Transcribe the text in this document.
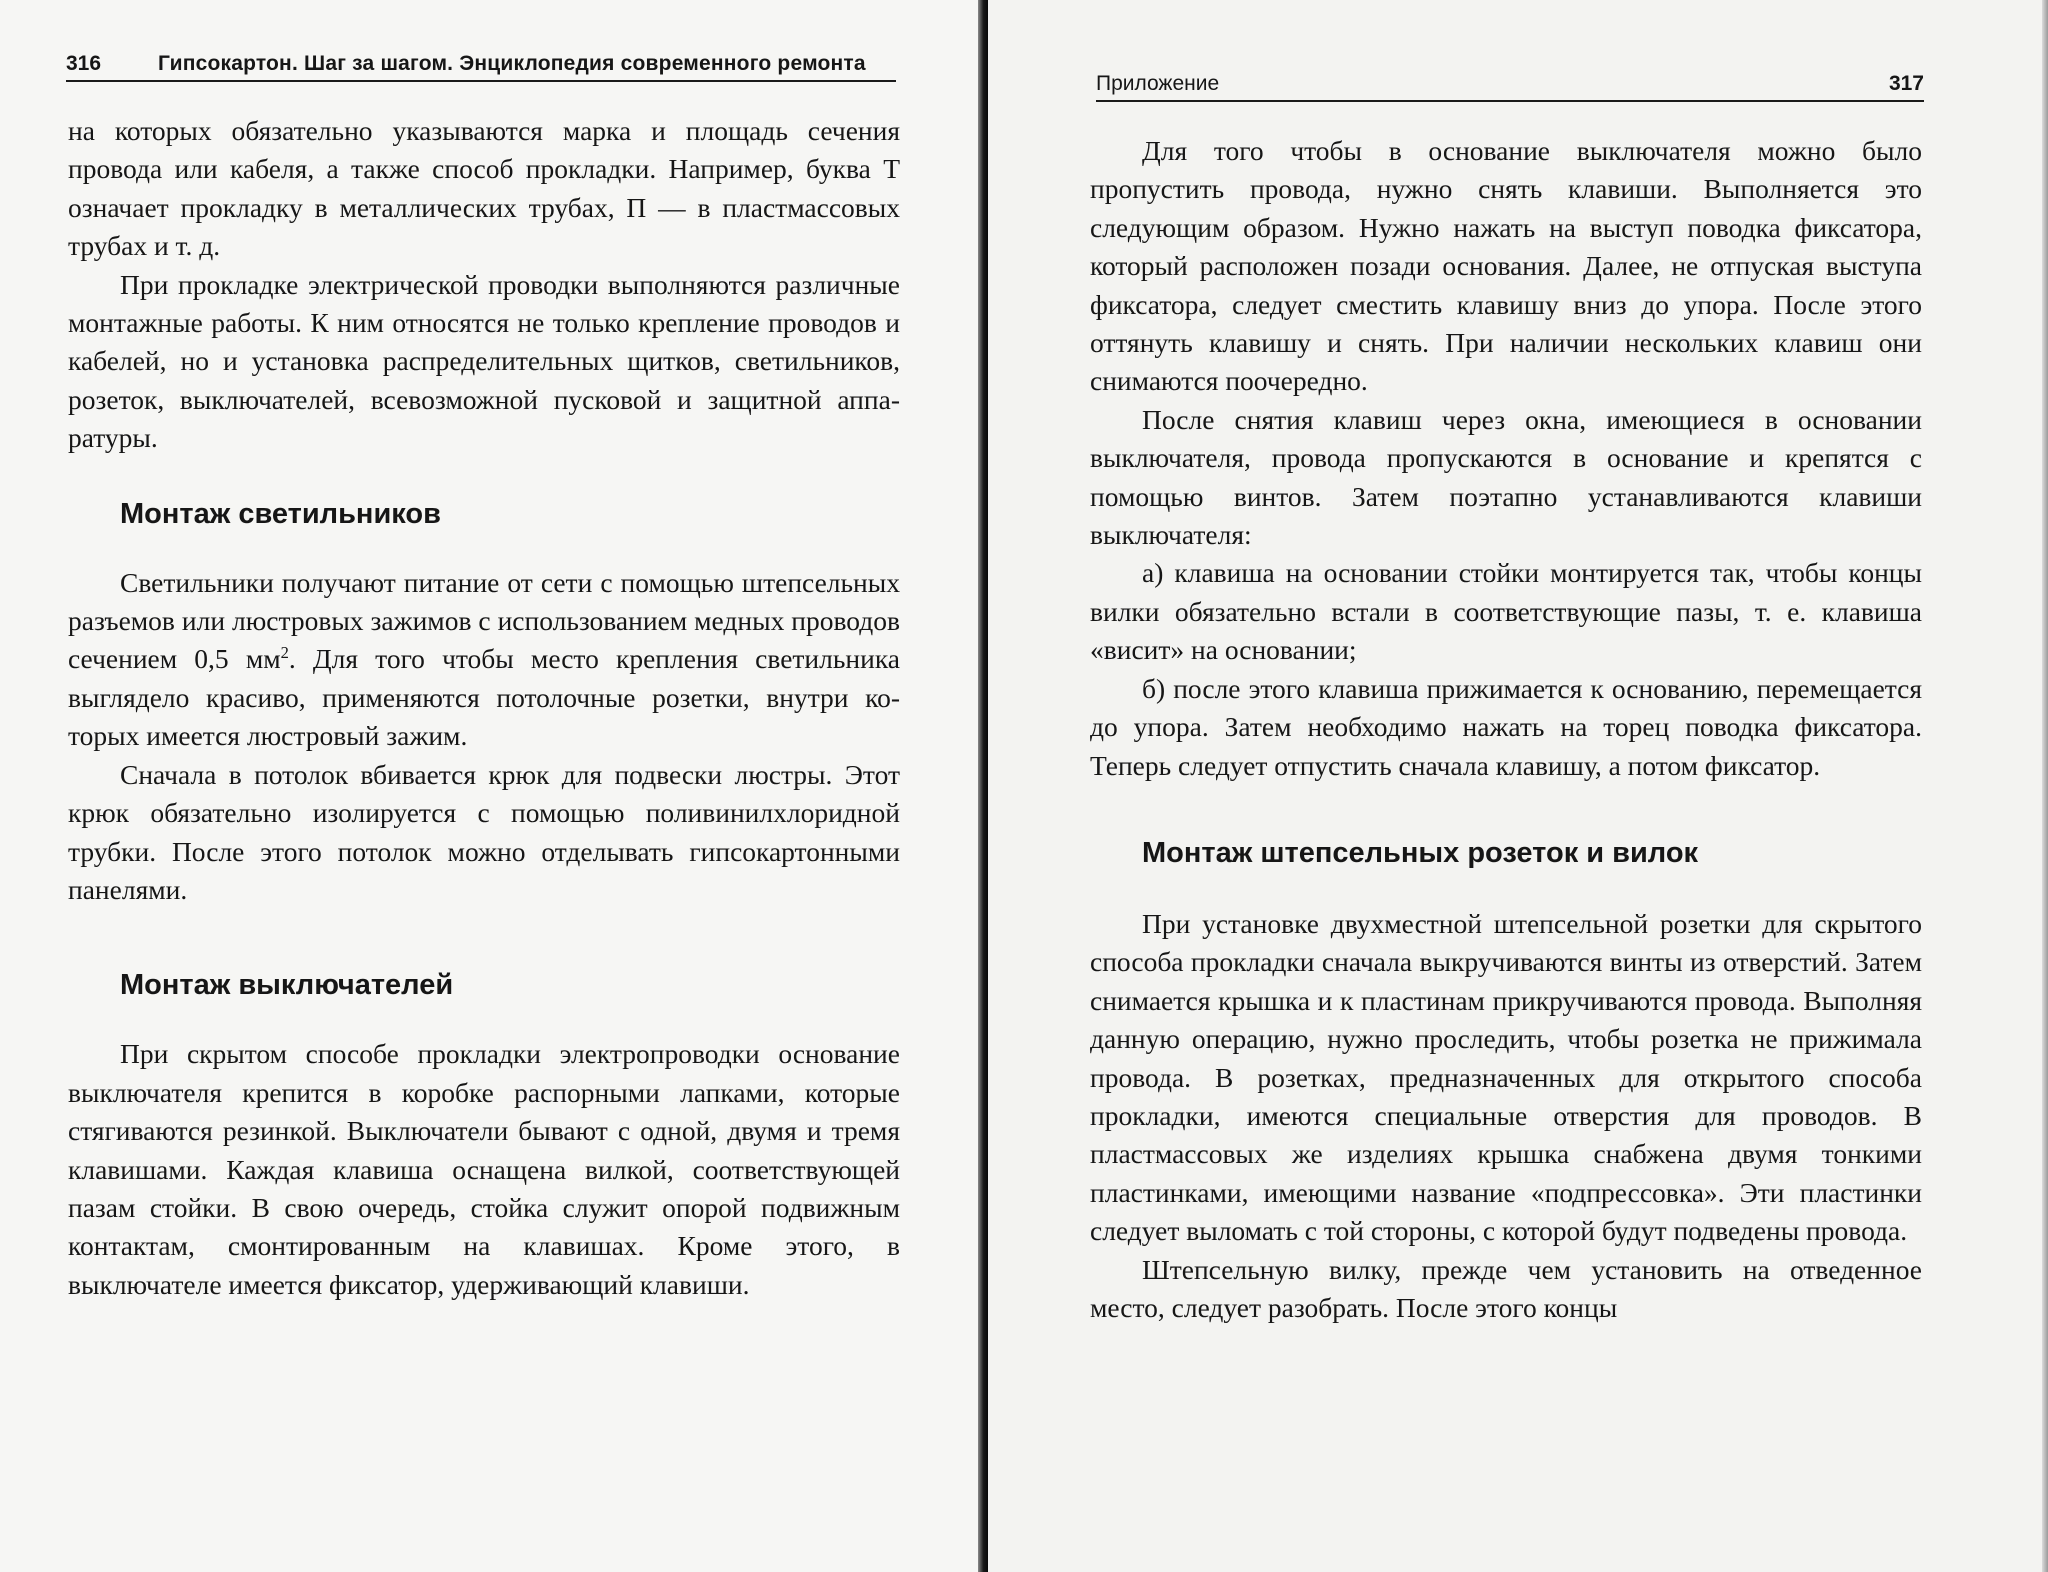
316	Гипсокартон. Шаг за шагом. Энциклопедия современного ремонта

на которых обязательно указываются марка и площадь сечения провода или кабеля, а также способ прокладки. Например, буква Т означает прокладку в металлических трубах, П — в пластмассовых трубах и т. д.

При прокладке электрической проводки выполняются различные монтажные работы. К ним относятся не только крепление проводов и кабелей, но и установка распределительных щитков, светильников, розеток, выключателей, всевозможной пусковой и защитной аппаратуры.

Монтаж светильников

Светильники получают питание от сети с помощью штепсельных разъемов или люстровых зажимов с использованием медных проводов сечением 0,5 $мм^2$. Для того чтобы место крепления светильника выглядело красиво, применяются потолочные розетки, внутри которых имеется люстровый зажим.

Сначала в потолок вбивается крюк для подвески люстры. Этот крюк обязательно изолируется с помощью поливинилхлоридной трубки. После этого потолок можно отделывать гипсокартонными панелями.

Монтаж выключателей

При скрытом способе прокладки электропроводки основание выключателя крепится в коробке распорными лапками, которые стягиваются резинкой. Выключатели бывают с одной, двумя и тремя клавишами. Каждая клавиша оснащена вилкой, соответствующей пазам стойки. В свою очередь, стойка служит опорой подвижным контактам, смонтированным на клавишах. Кроме этого, в выключателе имеется фиксатор, удерживающий клавиши.

Приложение	317

Для того чтобы в основание выключателя можно было пропустить провода, нужно снять клавиши. Выполняется это следующим образом. Нужно нажать на выступ поводка фиксатора, который расположен позади основания. Далее, не отпуская выступа фиксатора, следует сместить клавишу вниз до упора. После этого оттянуть клавишу и снять. При наличии нескольких клавиш они снимаются поочередно.

После снятия клавиш через окна, имеющиеся в основании выключателя, провода пропускаются в основание и крепятся с помощью винтов. Затем поэтапно устанавливаются клавиши выключателя:

а) клавиша на основании стойки монтируется так, чтобы концы вилки обязательно встали в соответствующие пазы, т. е. клавиша «висит» на основании;

б) после этого клавиша прижимается к основанию, перемещается до упора. Затем необходимо нажать на торец поводка фиксатора. Теперь следует отпустить сначала клавишу, а потом фиксатор.

Монтаж штепсельных розеток и вилок

При установке двухместной штепсельной розетки для скрытого способа прокладки сначала выкручиваются винты из отверстий. Затем снимается крышка и к пластинам прикручиваются провода. Выполняя данную операцию, нужно проследить, чтобы розетка не прижимала провода. В розетках, предназначенных для открытого способа прокладки, имеются специальные отверстия для проводов. В пластмассовых же изделиях крышка снабжена двумя тонкими пластинками, имеющими название «подпрессовка». Эти пластинки следует выломать с той стороны, с которой будут подведены провода.

Штепсельную вилку, прежде чем установить на отведенное место, следует разобрать. После этого концы
